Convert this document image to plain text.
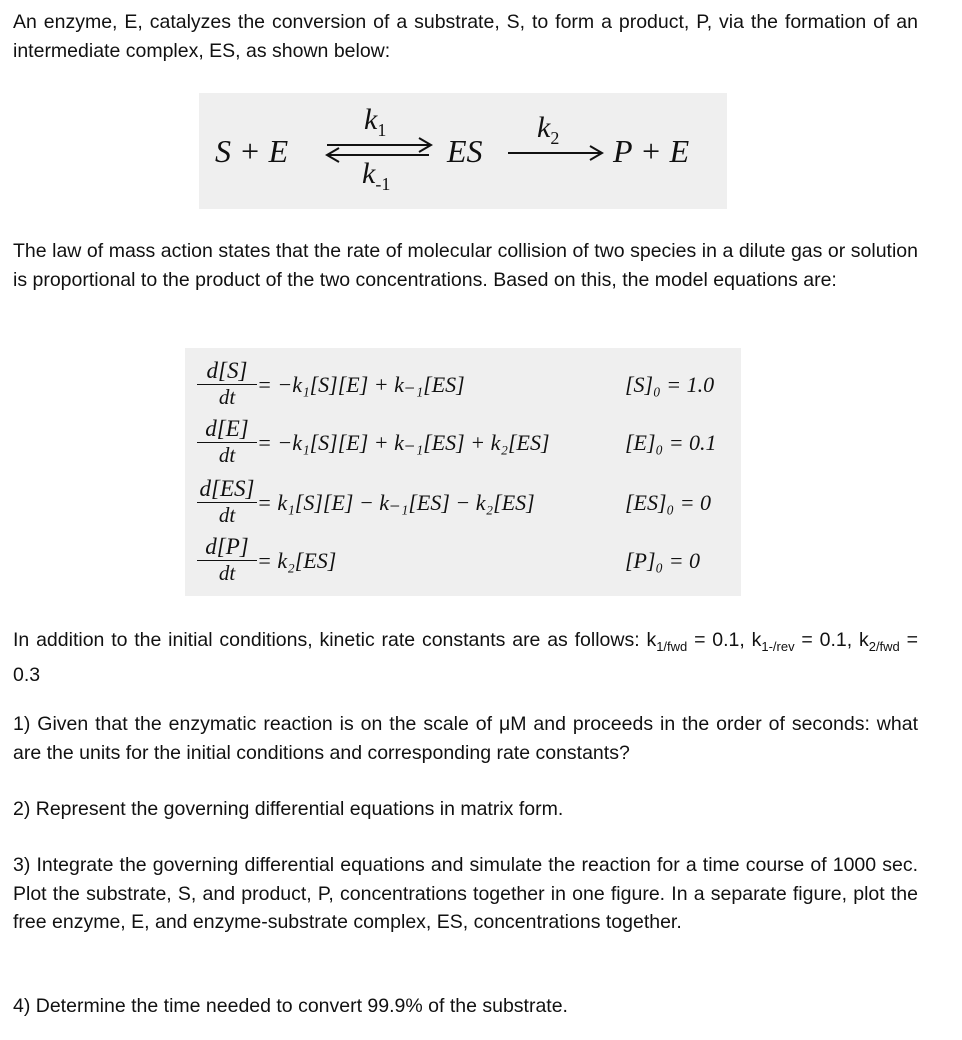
An enzyme, E, catalyzes the conversion of a substrate, S, to form a product, P, via the formation of an intermediate complex, ES, as shown below:

S + E
$k_1$
$k_{-1}$
ES
$k_2$ P + E

The law of mass action states that the rate of molecular collision of two species in a dilute gas or solution is proportional to the product of the two concentrations. Based on this, the model equations are:

$\frac{d[S]}{dt} = -k_1[S][E] + k_{-1}[ES]$	[S]₀ = 1.0
$\frac{d[E]}{dt} = -k_1[S][E] + k_{-1}[ES] + k_2[ES]$	[E]₀ = 0.1
$\frac{d[ES]}{dt} = k_1[S][E] - k_{-1}[ES] - k_2[ES]$	[ES]₀ = 0
$\frac{d[P]}{dt} = k_2[ES]$	[P]₀ = 0

In addition to the initial conditions, kinetic rate constants are as follows: $k_{1/fwd} = 0.1$, $k_{1-/rev} = 0.1$, $k_{2/fwd} = 0.3$

1) Given that the enzymatic reaction is on the scale of μM and proceeds in the order of seconds: what are the units for the initial conditions and corresponding rate constants?

2) Represent the governing differential equations in matrix form.

3) Integrate the governing differential equations and simulate the reaction for a time course of 1000 sec. Plot the substrate, S, and product, P, concentrations together in one figure. In a separate figure, plot the free enzyme, E, and enzyme-substrate complex, ES, concentrations together.

4) Determine the time needed to convert 99.9% of the substrate.
